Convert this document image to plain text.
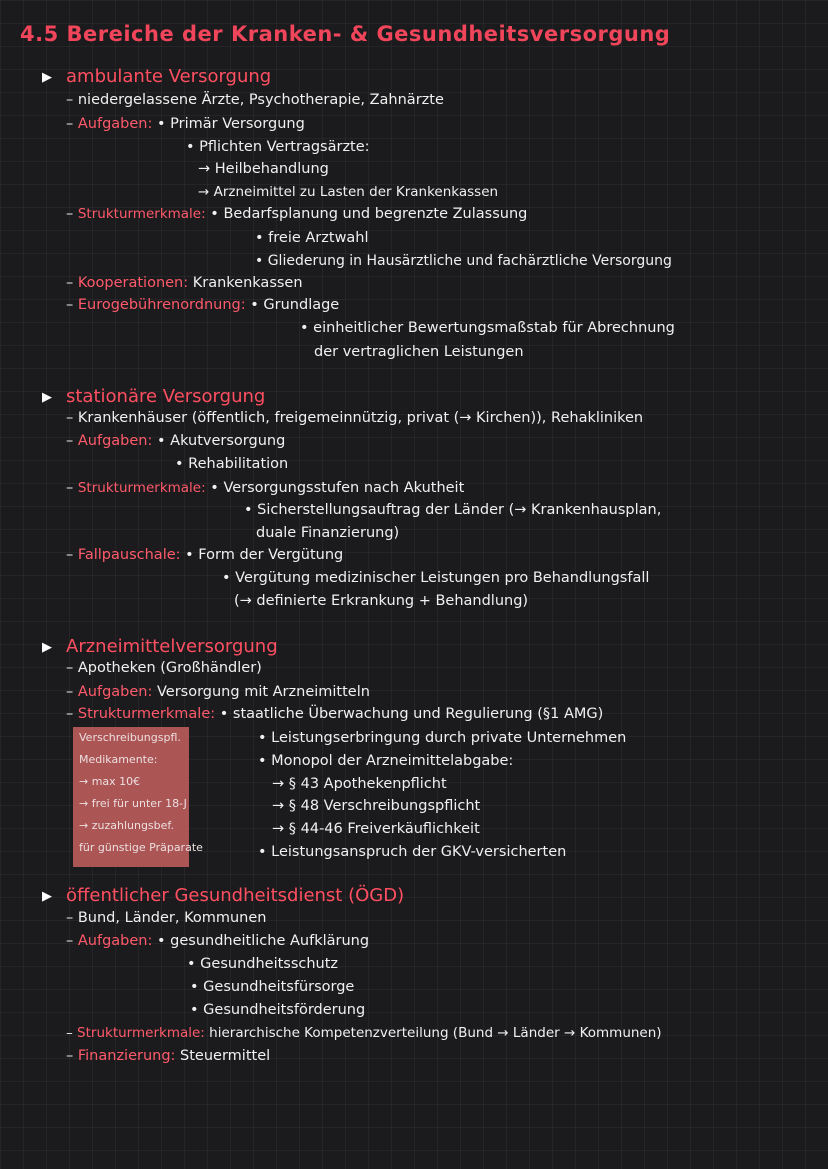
4.5 Bereiche der Kranken- & Gesundheitsversorgung
▶ ambulante Versorgung
– niedergelassene Ärzte, Psychotherapie, Zahnärzte
– Aufgaben: • Primär Versorgung
• Pflichten Vertragsärzte:
→ Heilbehandlung
→ Arzneimittel zu Lasten der Krankenkassen
– Strukturmerkmale: • Bedarfsplanung und begrenzte Zulassung
• freie Arztwahl
• Gliederung in Hausärztliche und fachärztliche Versorgung
– Kooperationen: Krankenkassen
– Eurogebührenordnung: • Grundlage
• einheitlicher Bewertungsmaßstab für Abrechnung
der vertraglichen Leistungen
▶ stationäre Versorgung
– Krankenhäuser (öffentlich, freigemeinnützig, privat (→ Kirchen)), Rehakliniken
– Aufgaben: • Akutversorgung
• Rehabilitation
– Strukturmerkmale: • Versorgungsstufen nach Akutheit
• Sicherstellungsauftrag der Länder (→ Krankenhausplan,
duale Finanzierung)
– Fallpauschale: • Form der Vergütung
• Vergütung medizinischer Leistungen pro Behandlungsfall
(→ definierte Erkrankung + Behandlung)
▶ Arzneimittelversorgung
– Apotheken (Großhändler)
– Aufgaben: Versorgung mit Arzneimitteln
– Strukturmerkmale: • staatliche Überwachung und Regulierung (§1 AMG)
• Leistungserbringung durch private Unternehmen
• Monopol der Arzneimittelabgabe:
→ § 43 Apothekenpflicht
→ § 48 Verschreibungspflicht
→ § 44-46 Freiverkäuflichkeit
• Leistungsanspruch der GKV-versicherten
Verschreibungspfl.
Medikamente:
→ max 10€
→ frei für unter 18-J
→ zuzahlungsbef.
für günstige Präparate
▶ öffentlicher Gesundheitsdienst (ÖGD)
– Bund, Länder, Kommunen
– Aufgaben: • gesundheitliche Aufklärung
• Gesundheitsschutz
• Gesundheitsfürsorge
• Gesundheitsförderung
– Strukturmerkmale: hierarchische Kompetenzverteilung (Bund → Länder → Kommunen)
– Finanzierung: Steuermittel
